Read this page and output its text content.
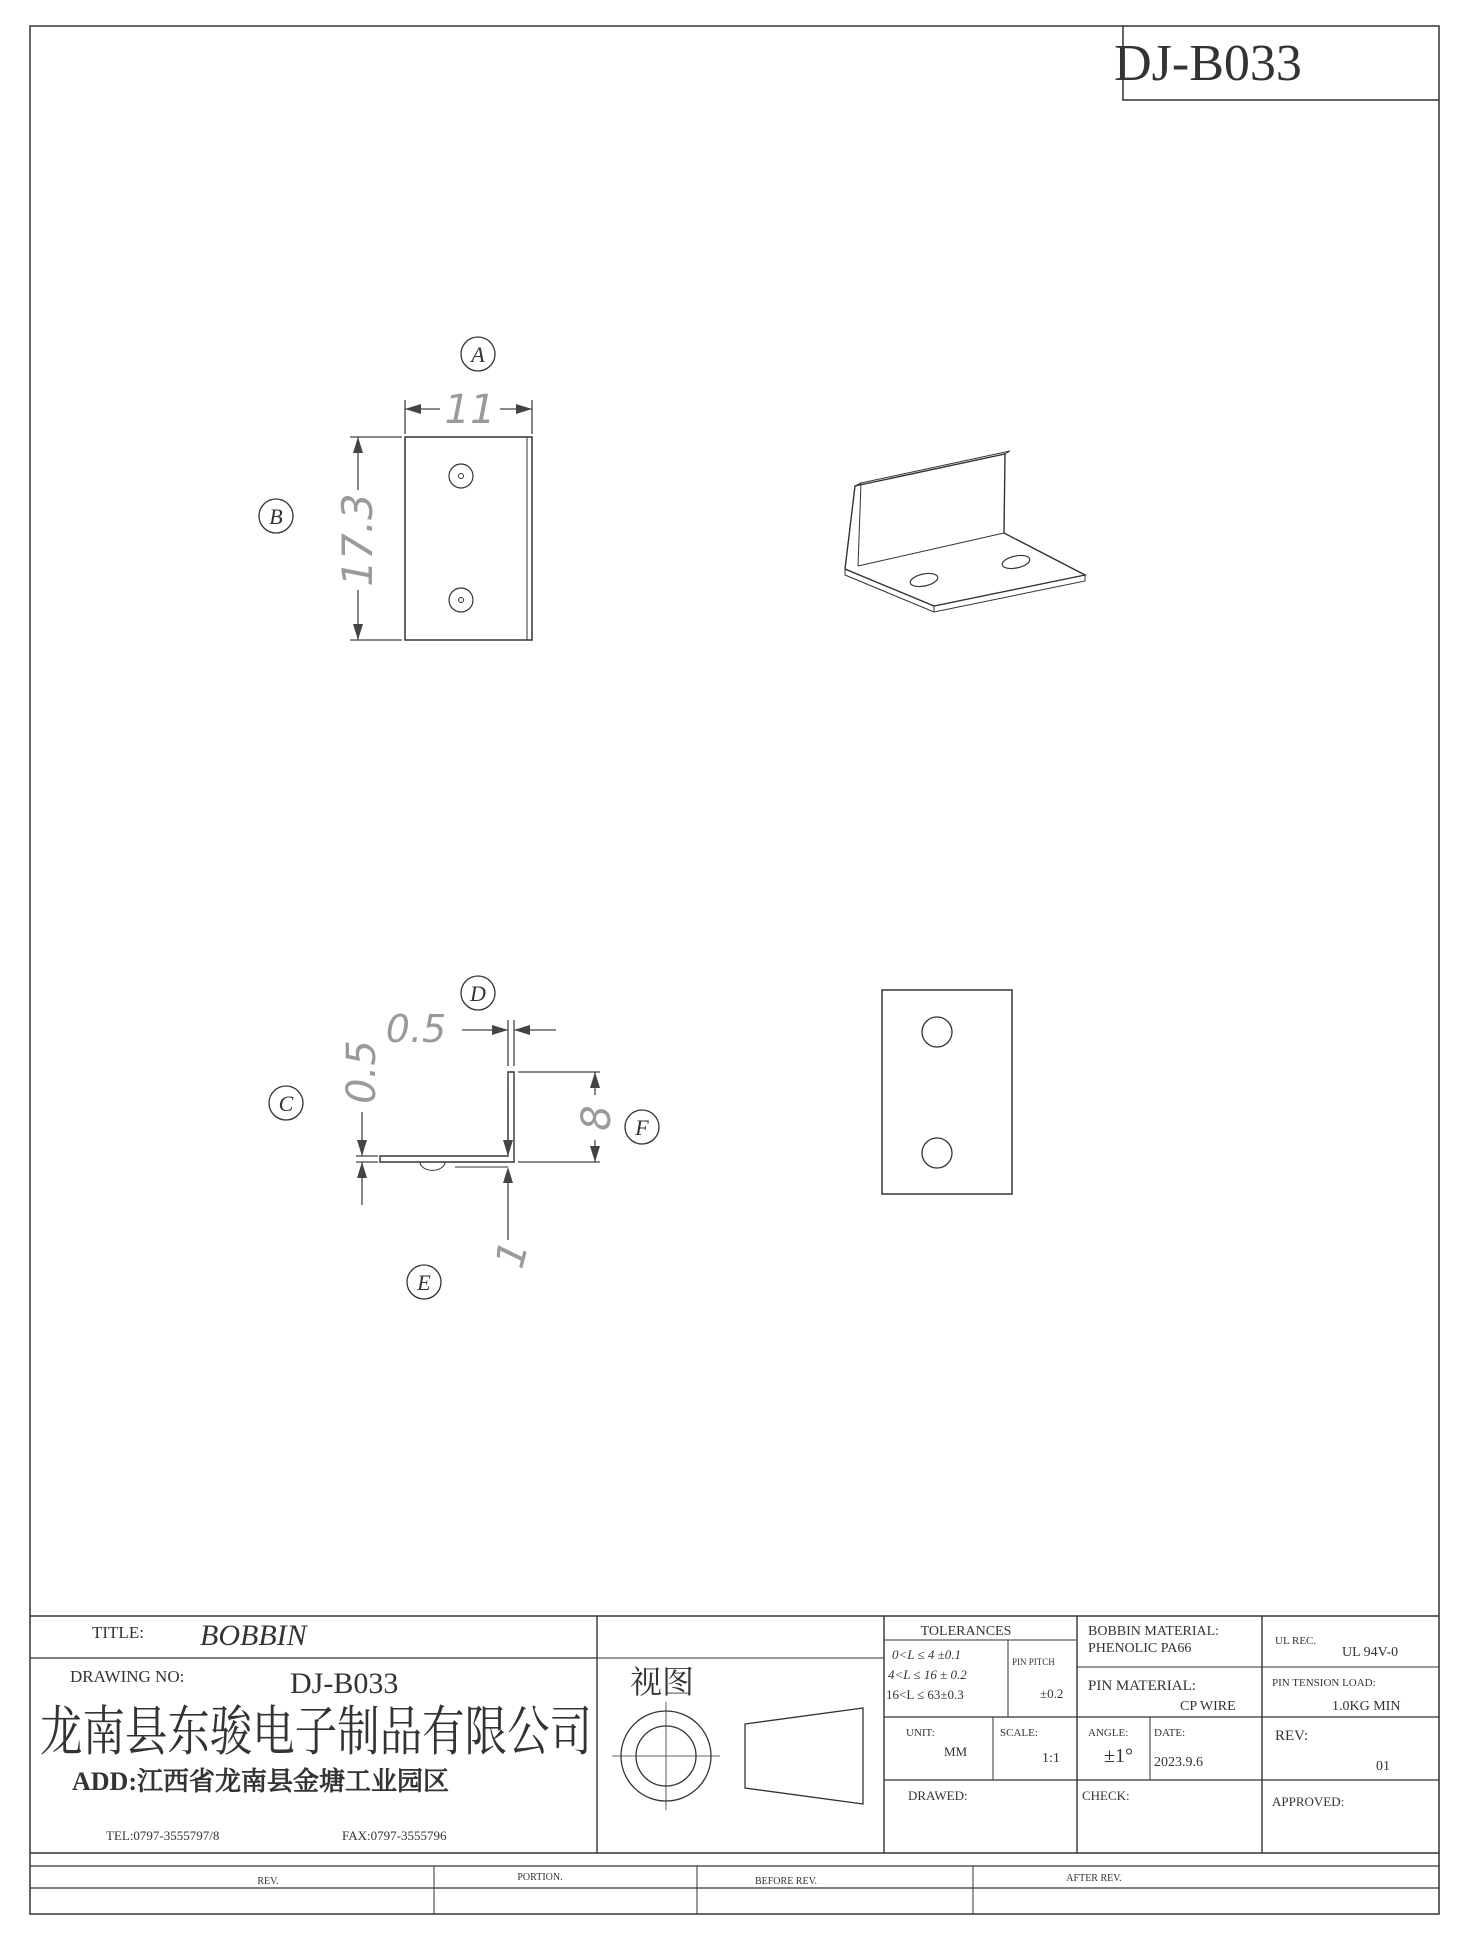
DJ-B033
11
17.3
A
B
0.5
0.5
8
1
C
D
E
F
TITLE: BOBBIN
DRAWING NO:	DJ-B033	视图
龙南县东骏电子制品有限公司
ADD:江西省龙南县金塘工业园区
TEL:0797-3555797/8	FAX:0797-3555796
TOLERANCES
0<L ≤ 4 ±0.1
4<L ≤ 16 ± 0.2
16<L ≤ 63±0.3
PIN PITCH
±0.2
BOBBIN MATERIAL:
PHENOLIC PA66	UL REC.
UL 94V-0
PIN MATERIAL:
CP WIRE
PIN TENSION LOAD:
1.0KG MIN
UNIT:
MM
SCALE:
1:1
ANGLE:
±1°
DATE:
2023.9.6
REV:
01
DRAWED:	CHECK:	APPROVED:
REV.	PORTION.	BEFORE REV.	AFTER REV.
